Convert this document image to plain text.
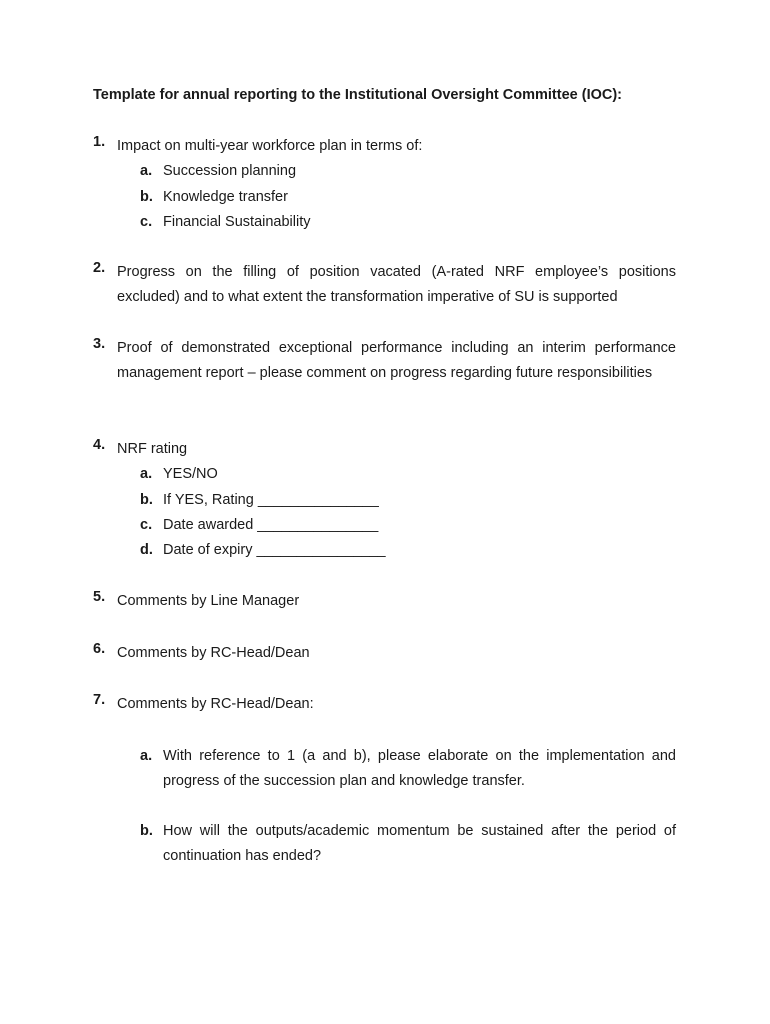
Template for annual reporting to the Institutional Oversight Committee (IOC):
1. Impact on multi-year workforce plan in terms of:
a. Succession planning
b. Knowledge transfer
c. Financial Sustainability
2. Progress on the filling of position vacated (A-rated NRF employee’s positions excluded) and to what extent the transformation imperative of SU is supported
3. Proof of demonstrated exceptional performance including an interim performance management report – please comment on progress regarding future responsibilities
4. NRF rating
a. YES/NO
b. If YES, Rating _______________
c. Date awarded _______________
d. Date of expiry ________________
5. Comments by Line Manager
6. Comments by RC-Head/Dean
7. Comments by RC-Head/Dean:
a. With reference to 1 (a and b), please elaborate on the implementation and progress of the succession plan and knowledge transfer.
b. How will the outputs/academic momentum be sustained after the period of continuation has ended?
